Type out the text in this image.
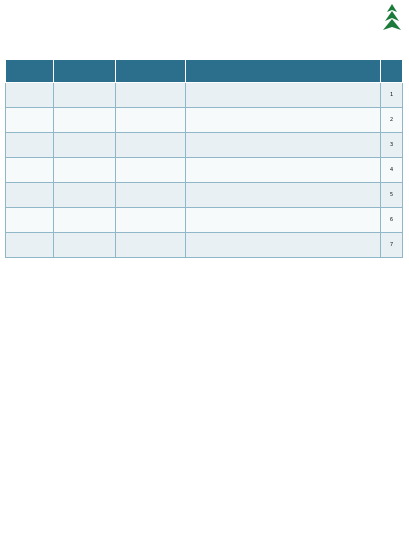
1				
2				
3				
4				
5				
6				
7				
